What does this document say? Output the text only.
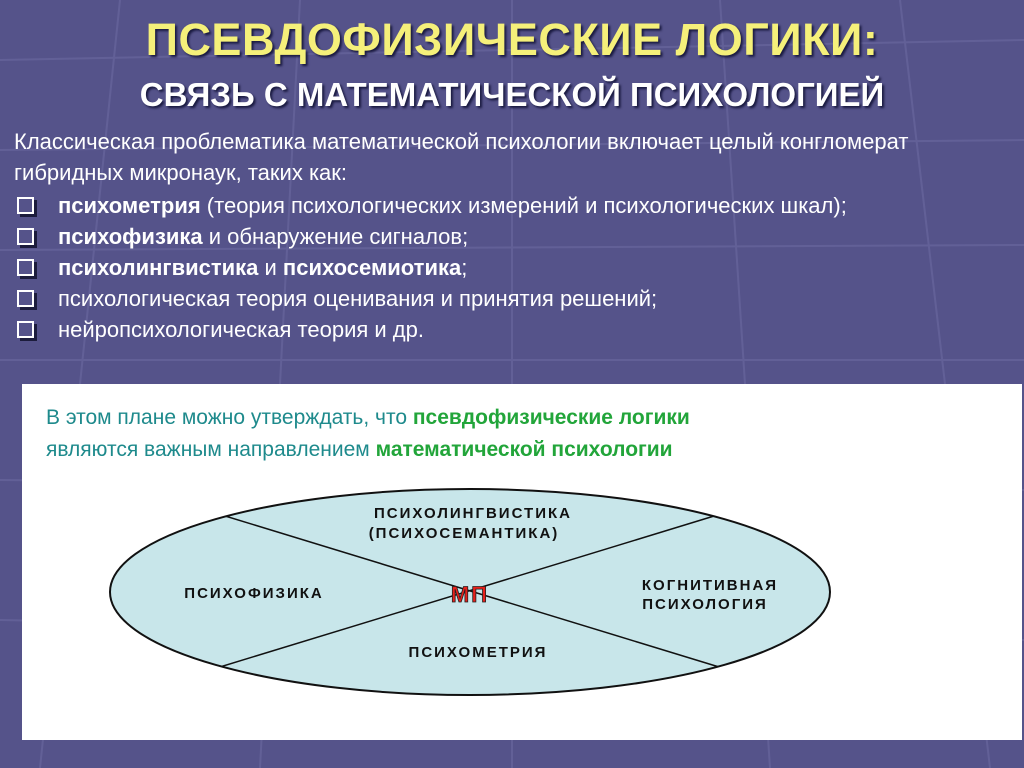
ПСЕВДОФИЗИЧЕСКИЕ ЛОГИКИ:
СВЯЗЬ С МАТЕМАТИЧЕСКОЙ ПСИХОЛОГИЕЙ
Классическая проблематика математической психологии включает целый конгломерат гибридных микронаук, таких как:
психометрия (теория психологических измерений и психологических шкал);
психофизика и обнаружение сигналов;
психолингвистика и психосемиотика;
психологическая теория оценивания и принятия решений;
нейропсихологическая теория и др.
В этом плане можно утверждать, что псевдофизические логики
являются важным направлением математической психологии
ПСИХОЛИНГВИСТИКА
(ПСИХОСЕМАНТИКА)
ПСИХОФИЗИКА	КОГНИТИВНАЯ
ПСИХОЛОГИЯ
ПСИХОМЕТРИЯ
МП
